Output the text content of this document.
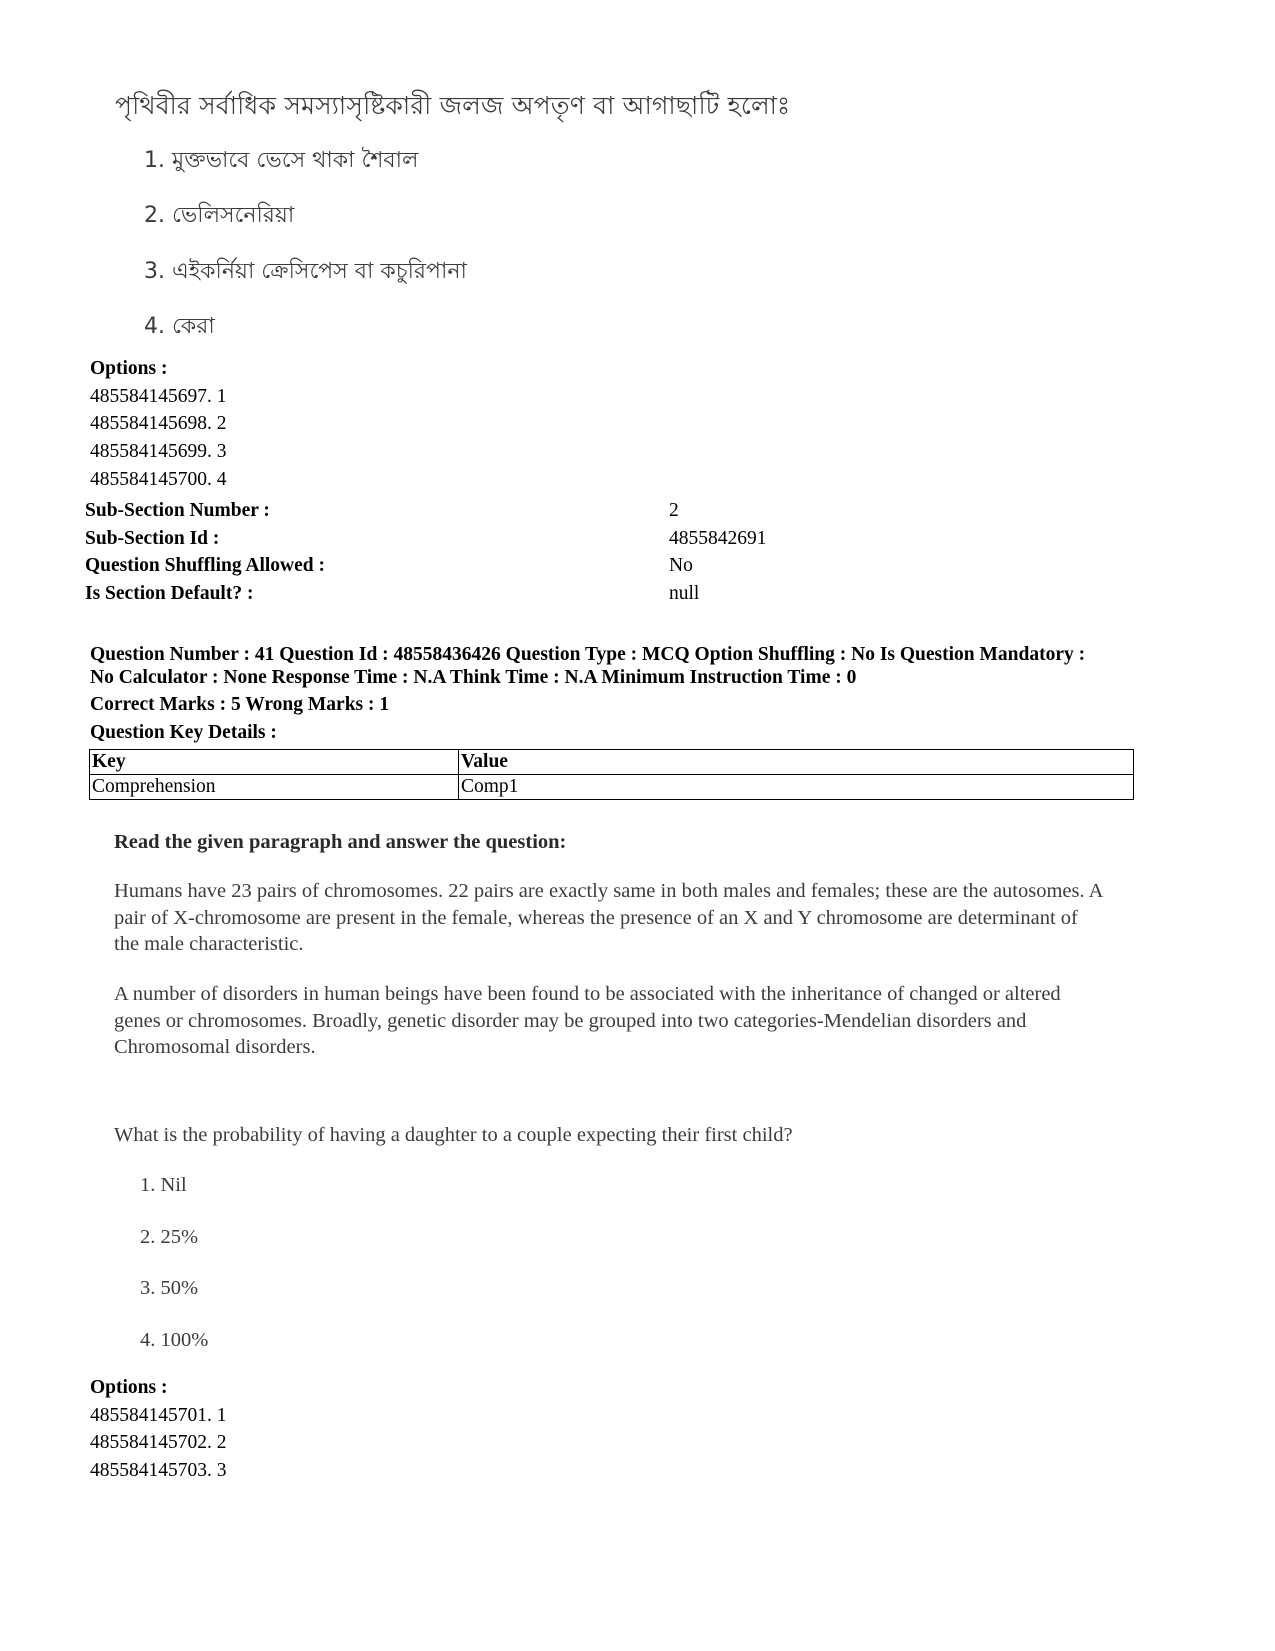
পৃথিবীর সর্বাধিক সমস্যাসৃষ্টিকারী জলজ অপতৃণ বা আগাছাটি হলোঃ
1. মুক্তভাবে ভেসে থাকা শৈবাল
2. ভেলিসনেরিয়া
3. এইকর্নিয়া ক্রেসিপেস বা কচুরিপানা
4. কেরা
Options :
485584145697. 1
485584145698. 2
485584145699. 3
485584145700. 4
Sub-Section Number :	2
Sub-Section Id :	4855842691
Question Shuffling Allowed :	No
Is Section Default? :	null
Question Number : 41 Question Id : 48558436426 Question Type : MCQ Option Shuffling : No Is Question Mandatory :
No Calculator : None Response Time : N.A Think Time : N.A Minimum Instruction Time : 0
Correct Marks : 5 Wrong Marks : 1
Question Key Details :
Key	Value
Comprehension	Comp1
Read the given paragraph and answer the question:
Humans have 23 pairs of chromosomes. 22 pairs are exactly same in both males and females; these are the autosomes. A pair of X-chromosome are present in the female, whereas the presence of an X and Y chromosome are determinant of the male characteristic.
A number of disorders in human beings have been found to be associated with the inheritance of changed or altered genes or chromosomes. Broadly, genetic disorder may be grouped into two categories-Mendelian disorders and Chromosomal disorders.
What is the probability of having a daughter to a couple expecting their first child?
1. Nil
2. 25%
3. 50%
4. 100%
Options :
485584145701. 1
485584145702. 2
485584145703. 3
